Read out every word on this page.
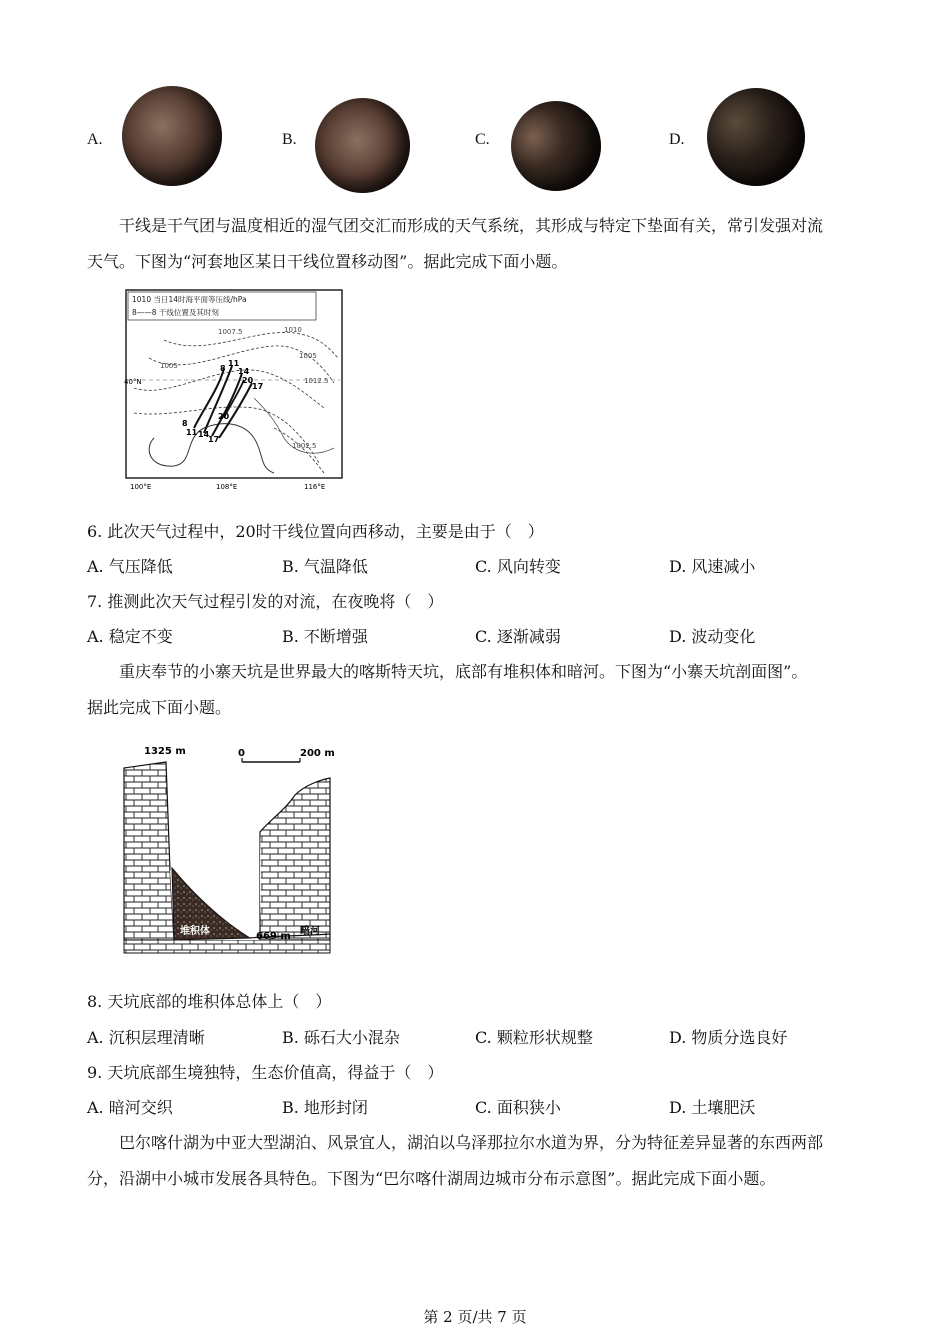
A.	B.	C.	D.
干线是干气团与温度相近的湿气团交汇而形成的天气系统，其形成与特定下垫面有关，常引发强对流
天气。下图为“河套地区某日干线位置移动图”。据此完成下面小题。
1010 当日14时海平面等压线/hPa
8——8 干线位置及其时刻
8
11
14
20
17
20
8
11 14
17
1010
1005
1005
1007.5
1012.5
1002.5
40°N
100°E	108°E	116°E
6. 此次天气过程中，20时干线位置向西移动，主要是由于（　）
A. 气压降低	B. 气温降低	C. 风向转变	D. 风速减小
7. 推测此次天气过程引发的对流，在夜晚将（　）
A. 稳定不变	B. 不断增强	C. 逐渐减弱	D. 波动变化
重庆奉节的小寨天坑是世界最大的喀斯特天坑，底部有堆积体和暗河。下图为“小寨天坑剖面图”。
据此完成下面小题。
0	200 m
1325 m
堆积体	669 m 暗河
8. 天坑底部的堆积体总体上（　）
A. 沉积层理清晰	B. 砾石大小混杂	C. 颗粒形状规整	D. 物质分选良好
9. 天坑底部生境独特，生态价值高，得益于（　）
A. 暗河交织	B. 地形封闭	C. 面积狭小	D. 土壤肥沃
巴尔喀什湖为中亚大型湖泊、风景宜人，湖泊以乌泽那拉尔水道为界，分为特征差异显著的东西两部
分，沿湖中小城市发展各具特色。下图为“巴尔喀什湖周边城市分布示意图”。据此完成下面小题。
第 2 页/共 7 页
